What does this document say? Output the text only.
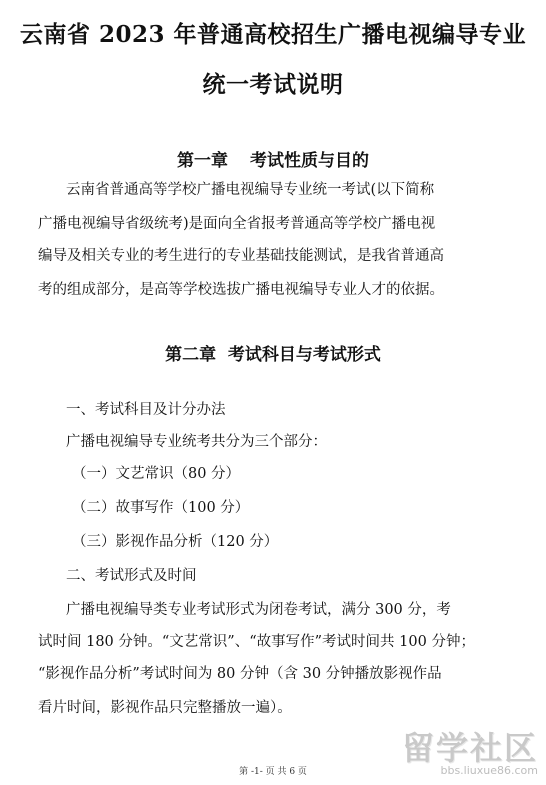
云南省 2023 年普通高校招生广播电视编导专业
统一考试说明
第一章 考试性质与目的
云南省普通高等学校广播电视编导专业统一考试(以下简称
广播电视编导省级统考)是面向全省报考普通高等学校广播电视
编导及相关专业的考生进行的专业基础技能测试，是我省普通高
考的组成部分，是高等学校选拔广播电视编导专业人才的依据。
第二章  考试科目与考试形式
一、考试科目及计分办法
广播电视编导专业统考共分为三个部分：
（一）文艺常识（80 分）
（二）故事写作（100 分）
（三）影视作品分析（120 分）
二、考试形式及时间
广播电视编导类专业考试形式为闭卷考试，满分 300 分，考
试时间 180 分钟。“文艺常识”、“故事写作”考试时间共 100 分钟；
“影视作品分析”考试时间为 80 分钟（含 30 分钟播放影视作品
看片时间，影视作品只完整播放一遍）。
留学社区
bbs.liuxue86.com
第 -1- 页 共 6 页
